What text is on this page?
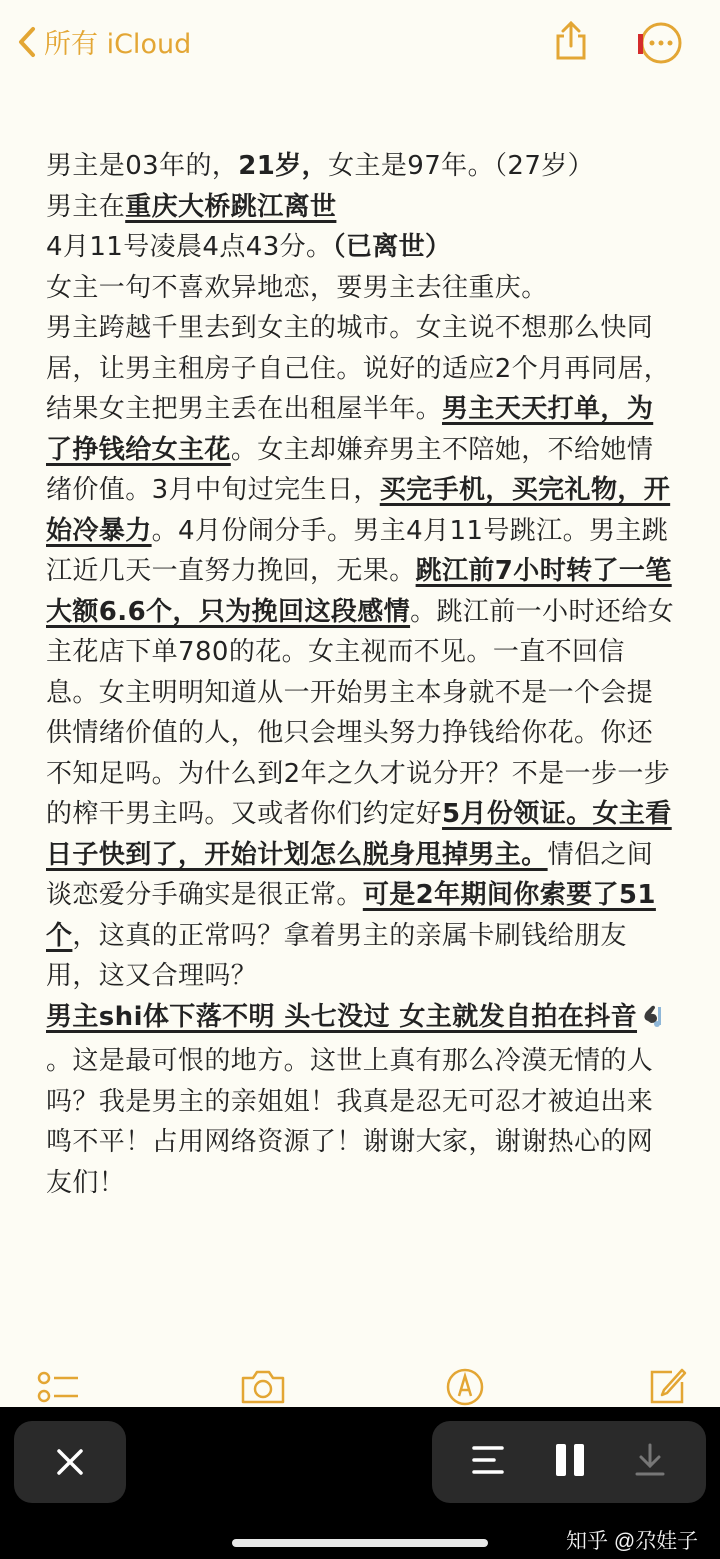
所有 iCloud

男主是03年的，21岁，女主是97年。（27岁）

男主在重庆大桥跳江离世

4月11号凌晨4点43分。（已离世）

女主一句不喜欢异地恋，要男主去往重庆。

男主跨越千里去到女主的城市。女主说不想那么快同居，让男主租房子自己住。说好的适应2个月再同居，结果女主把男主丢在出租屋半年。男主天天打单，为了挣钱给女主花。女主却嫌弃男主不陪她，不给她情绪价值。3月中旬过完生日，买完手机，买完礼物，开始冷暴力。4月份闹分手。男主4月11号跳江。男主跳江近几天一直努力挽回，无果。跳江前7小时转了一笔大额6.6个，只为挽回这段感情。跳江前一小时还给女主花店下单780的花。女主视而不见。一直不回信息。女主明明知道从一开始男主本身就不是一个会提供情绪价值的人，他只会埋头努力挣钱给你花。你还不知足吗。为什么到2年之久才说分开？不是一步一步的榨干男主吗。又或者你们约定好5月份领证。女主看日子快到了，开始计划怎么脱身甩掉男主。情侣之间谈恋爱分手确实是很正常。可是2年期间你索要了51个，这真的正常吗？拿着男主的亲属卡刷钱给朋友用，这又合理吗？

男主shi体下落不明 头七没过 女主就发自拍在抖音。这是最可恨的地方。这世上真有那么冷漠无情的人吗？我是男主的亲姐姐！我真是忍无可忍才被迫出来鸣不平！占用网络资源了！谢谢大家，谢谢热心的网友们！

知乎 @尕娃子
